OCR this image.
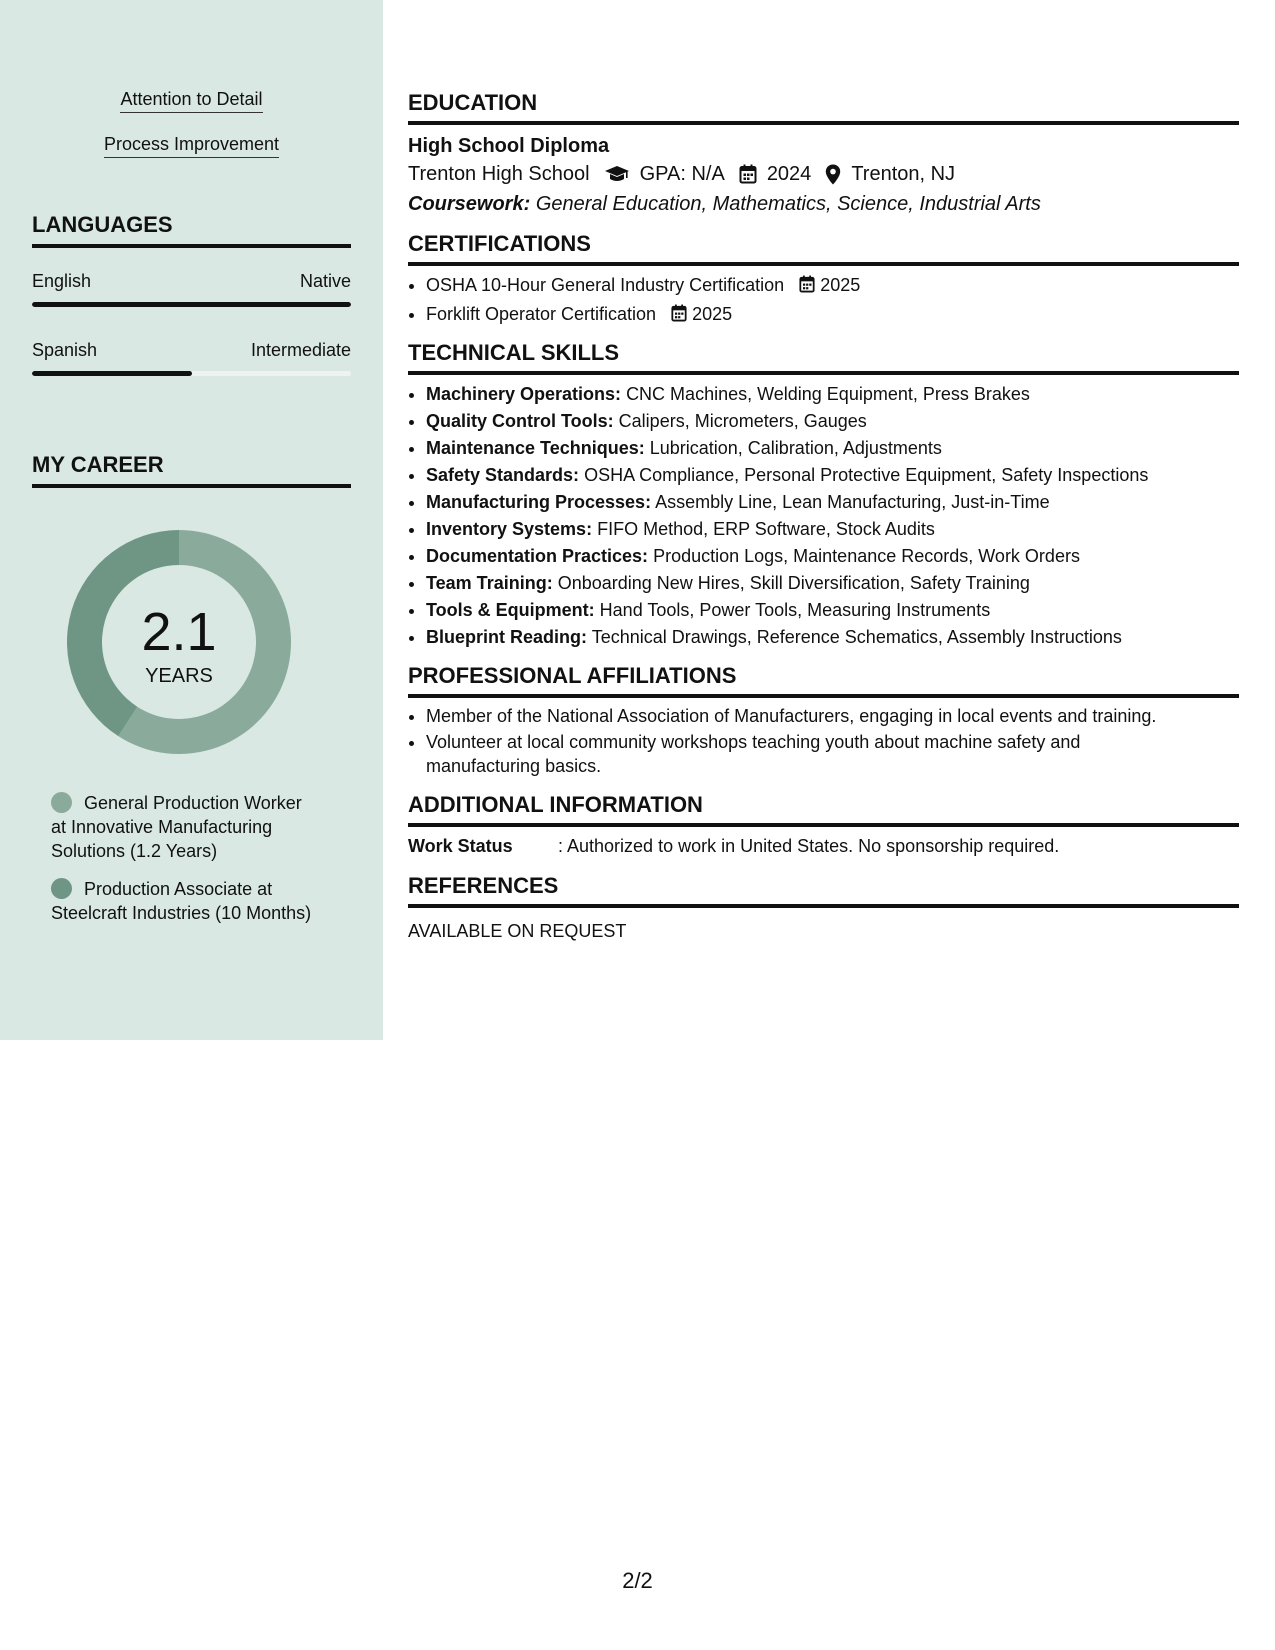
Attention to Detail
Process Improvement
LANGUAGES
English	Native
Spanish	Intermediate
MY CAREER
2.1
YEARS
General Production Worker at Innovative Manufacturing Solutions (1.2 Years)
Production Associate at Steelcraft Industries (10 Months)
EDUCATION
High School Diploma
Trenton High School	GPA: N/A 2024 Trenton, NJ
Coursework: General Education, Mathematics, Science, Industrial Arts
CERTIFICATIONS
• OSHA 10-Hour General Industry Certification 2025
• Forklift Operator Certification 2025
TECHNICAL SKILLS
• Machinery Operations: CNC Machines, Welding Equipment, Press Brakes
• Quality Control Tools: Calipers, Micrometers, Gauges
• Maintenance Techniques: Lubrication, Calibration, Adjustments
• Safety Standards: OSHA Compliance, Personal Protective Equipment, Safety Inspections
• Manufacturing Processes: Assembly Line, Lean Manufacturing, Just-in-Time
• Inventory Systems: FIFO Method, ERP Software, Stock Audits
• Documentation Practices: Production Logs, Maintenance Records, Work Orders
• Team Training: Onboarding New Hires, Skill Diversification, Safety Training
• Tools & Equipment: Hand Tools, Power Tools, Measuring Instruments
• Blueprint Reading: Technical Drawings, Reference Schematics, Assembly Instructions
PROFESSIONAL AFFILIATIONS
• Member of the National Association of Manufacturers, engaging in local events and training.
• Volunteer at local community workshops teaching youth about machine safety and manufacturing basics.
ADDITIONAL INFORMATION
Work Status	: Authorized to work in United States. No sponsorship required.
REFERENCES
AVAILABLE ON REQUEST
2/2
